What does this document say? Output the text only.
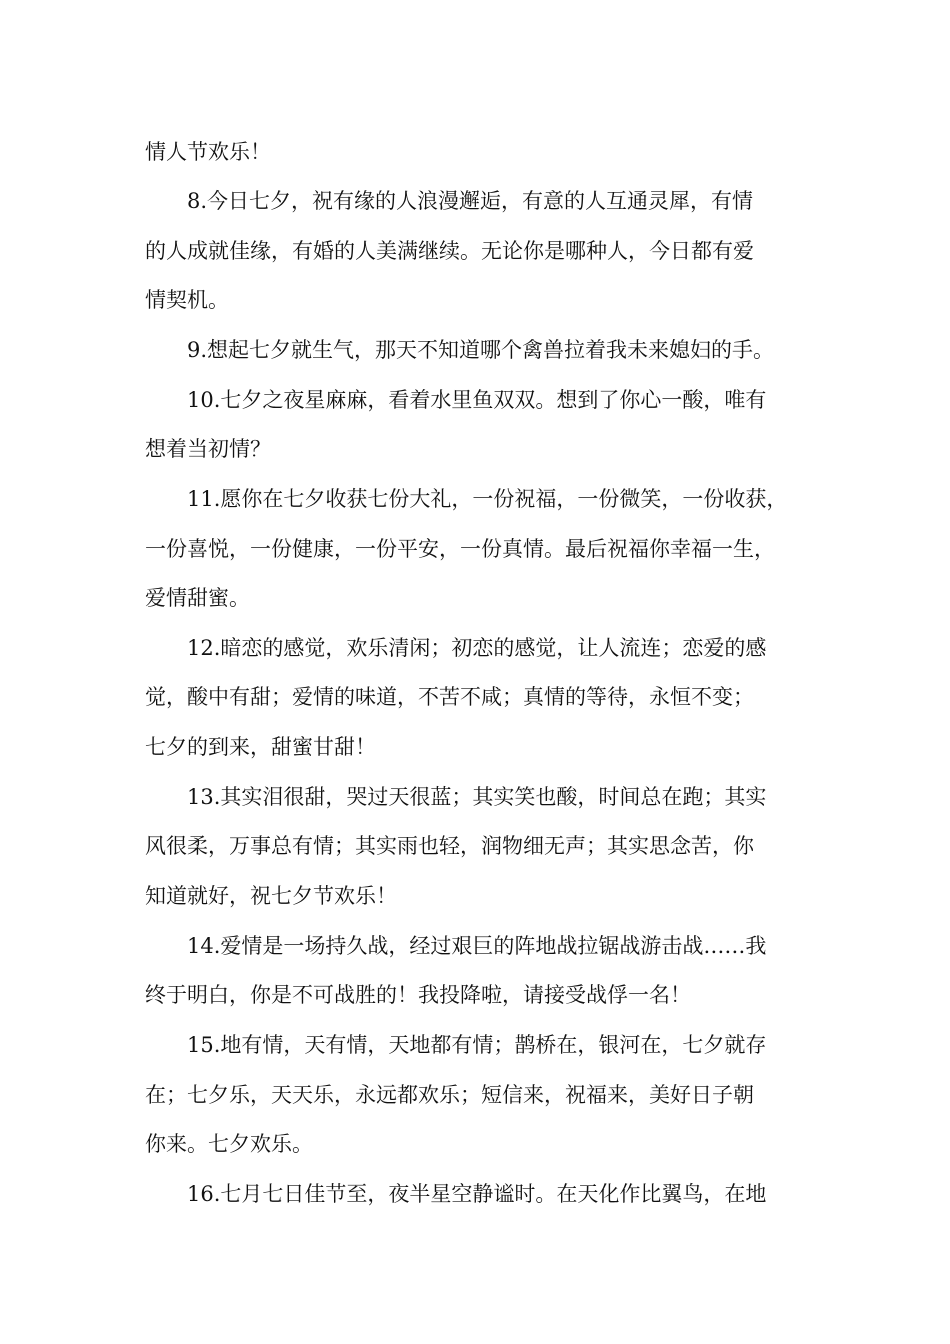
情人节欢乐！

8.今日七夕，祝有缘的人浪漫邂逅，有意的人互通灵犀，有情

的人成就佳缘，有婚的人美满继续。无论你是哪种人，今日都有爱

情契机。

9.想起七夕就生气，那天不知道哪个禽兽拉着我未来媳妇的手。

10.七夕之夜星麻麻，看着水里鱼双双。想到了你心一酸，唯有

想着当初情？

11.愿你在七夕收获七份大礼，一份祝福，一份微笑，一份收获，

一份喜悦，一份健康，一份平安，一份真情。最后祝福你幸福一生，

爱情甜蜜。

12.暗恋的感觉，欢乐清闲；初恋的感觉，让人流连；恋爱的感

觉，酸中有甜；爱情的味道，不苦不咸；真情的等待，永恒不变；

七夕的到来，甜蜜甘甜！

13.其实泪很甜，哭过天很蓝；其实笑也酸，时间总在跑；其实

风很柔，万事总有情；其实雨也轻，润物细无声；其实思念苦，你

知道就好，祝七夕节欢乐！

14.爱情是一场持久战，经过艰巨的阵地战拉锯战游击战……我

终于明白，你是不可战胜的！我投降啦，请接受战俘一名！

15.地有情，天有情，天地都有情；鹊桥在，银河在，七夕就存

在；七夕乐，天天乐，永远都欢乐；短信来，祝福来，美好日子朝

你来。七夕欢乐。

16.七月七日佳节至，夜半星空静谧时。在天化作比翼鸟，在地
